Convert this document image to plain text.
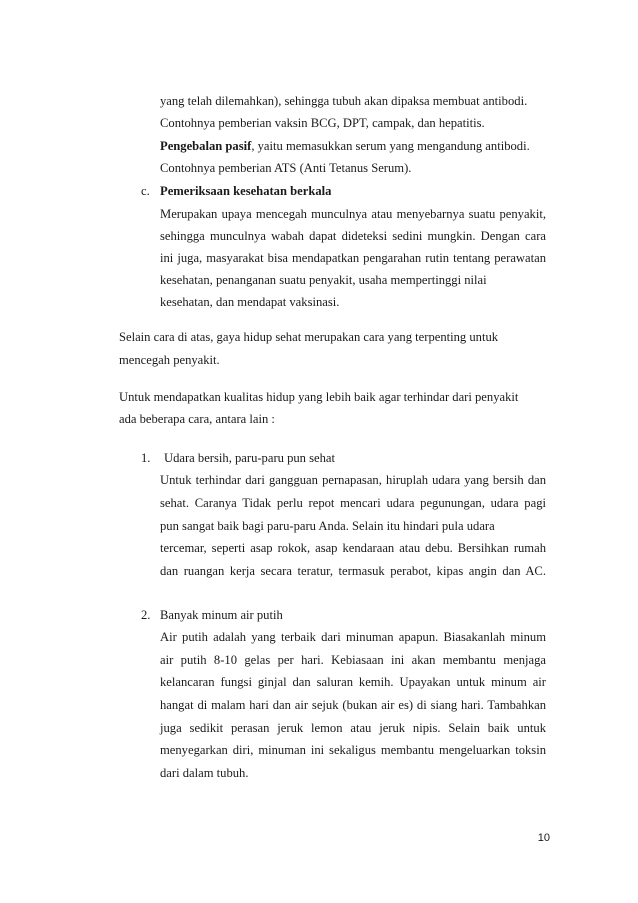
yang telah dilemahkan), sehingga tubuh akan dipaksa membuat antibodi.
Contohnya pemberian vaksin BCG, DPT, campak, dan hepatitis.
Pengebalan pasif, yaitu memasukkan serum yang mengandung antibodi.
Contohnya pemberian ATS (Anti Tetanus Serum).
c. Pemeriksaan kesehatan berkala
Merupakan upaya mencegah munculnya atau menyebarnya suatu penyakit,
sehingga munculnya wabah dapat dideteksi sedini mungkin. Dengan cara
ini juga, masyarakat bisa mendapatkan pengarahan rutin tentang perawatan
kesehatan, penanganan suatu penyakit, usaha mempertinggi nilai
kesehatan, dan mendapat vaksinasi.
Selain cara di atas, gaya hidup sehat merupakan cara yang terpenting untuk
mencegah penyakit.
Untuk mendapatkan kualitas hidup yang lebih baik agar terhindar dari penyakit
ada beberapa cara, antara lain :
1. Udara bersih, paru-paru pun sehat
Untuk terhindar dari gangguan pernapasan, hiruplah udara yang bersih dan
sehat. Caranya Tidak perlu repot mencari udara pegunungan, udara pagi
pun sangat baik bagi paru-paru Anda. Selain itu hindari pula udara
tercemar, seperti asap rokok, asap kendaraan atau debu. Bersihkan rumah
dan ruangan kerja secara teratur, termasuk perabot, kipas angin dan AC.
2. Banyak minum air putih
Air putih adalah yang terbaik dari minuman apapun. Biasakanlah minum
air putih 8-10 gelas per hari. Kebiasaan ini akan membantu menjaga
kelancaran fungsi ginjal dan saluran kemih. Upayakan untuk minum air
hangat di malam hari dan air sejuk (bukan air es) di siang hari. Tambahkan
juga sedikit perasan jeruk lemon atau jeruk nipis. Selain baik untuk
menyegarkan diri, minuman ini sekaligus membantu mengeluarkan toksin
dari dalam tubuh.
10
